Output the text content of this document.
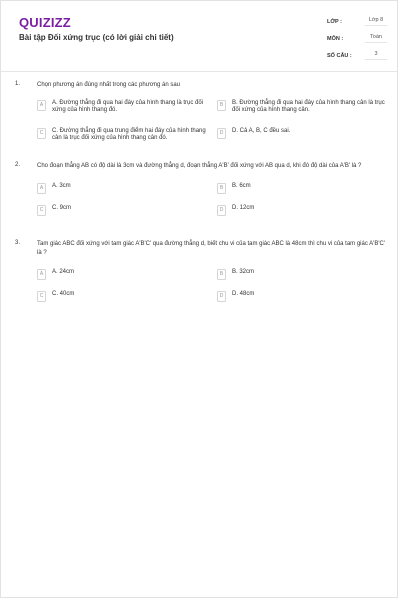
QUIZIZZ
Bài tập Đối xứng trục (có lời giải chi tiết)
LỚP :	Lớp 8
MÔN :	Toán
SỐ CÂU :	3
1.	Chọn phương án đúng nhất trong các phương án sau
A	A. Đường thẳng đi qua hai đáy của hình thang là trục đối xứng của hình thang đó.
B	B. Đường thẳng đi qua hai đáy của hình thang cân là trục đối xứng của hình thang cân.
C	C. Đường thẳng đi qua trung điểm hai đáy của hình thang cân là trục đối xứng của hình thang cân đó.
D	D. Cả A, B, C đều sai.
2.	Cho đoạn thẳng AB có độ dài là 3cm và đường thẳng d, đoạn thẳng A'B' đối xứng với AB qua d, khi đó độ dài của A'B' là ?
A	A. 3cm	B	B. 6cm
C	C. 9cm	D	D. 12cm
3.	Tam giác ABC đối xứng với tam giác A'B'C' qua đường thẳng d, biết chu vi của tam giác ABC là 48cm thì chu vi của tam giác A'B'C' là ?
A	A. 24cm	B	B. 32cm
C	C. 40cm	D	D. 48cm
